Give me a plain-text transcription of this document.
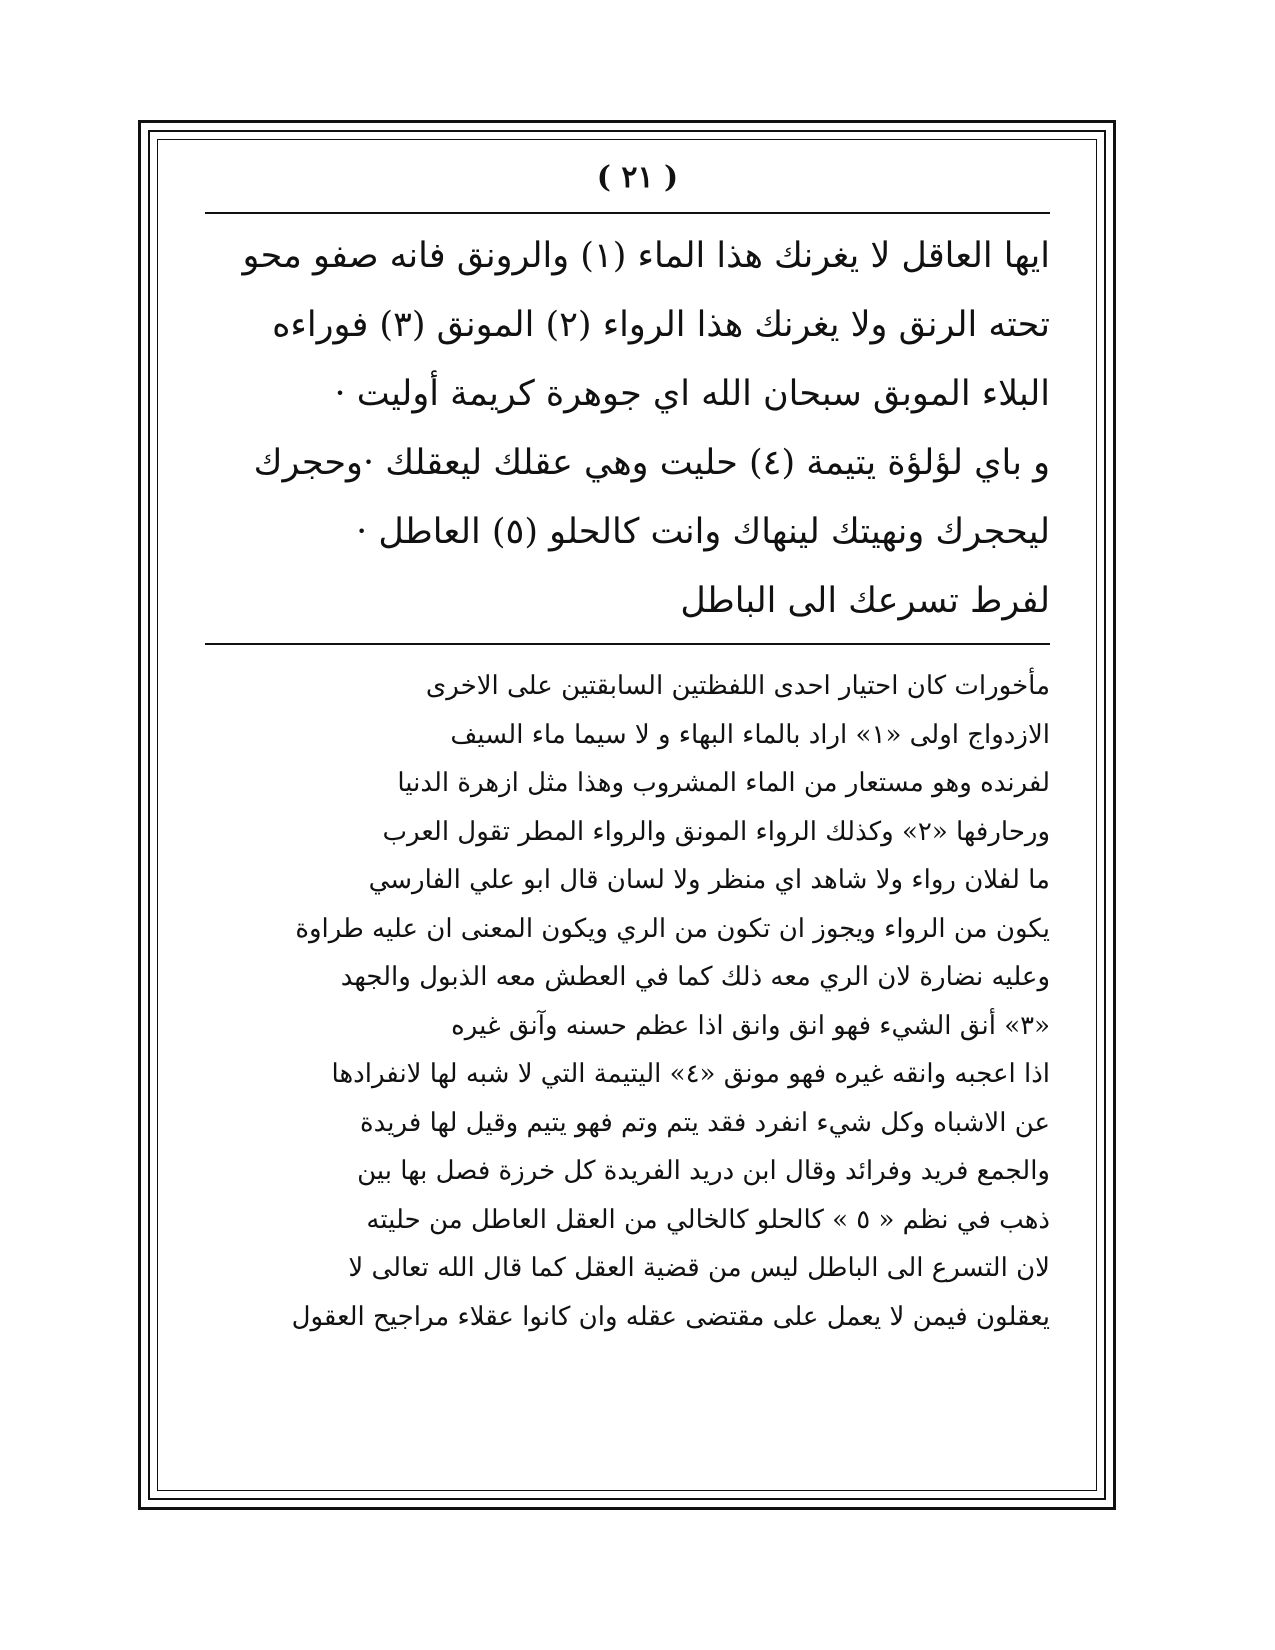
( ٢١ )
ايها العاقل لا يغرنك هذا الماء (١) والرونق فانه صفو محو
تحته الرنق ولا يغرنك هذا الرواء (٢) المونق (٣) فوراءه
البلاء الموبق سبحان الله اي جوهرة كريمة أوليت ·
و باي لؤلؤة يتيمة (٤) حليت وهي عقلك ليعقلك ·وحجرك
ليحجرك ونهيتك لينهاك وانت كالحلو (٥) العاطل ·
لفرط تسرعك الى الباطل
مأخورات كان احتيار احدى اللفظتين السابقتين على الاخرى
الازدواج اولى «١» اراد بالماء البهاء و لا سيما ماء السيف
لفرنده وهو مستعار من الماء المشروب وهذا مثل ازهرة الدنيا
ورحارفها «٢» وكذلك الرواء المونق والرواء المطر تقول العرب
ما لفلان رواء ولا شاهد اي منظر ولا لسان قال ابو علي الفارسي
يكون من الرواء ويجوز ان تكون من الري ويكون المعنى ان عليه طراوة
وعليه نضارة لان الري معه ذلك كما في العطش معه الذبول والجهد
«٣» أنق الشيء فهو انق وانق اذا عظم حسنه وآنق غيره
اذا اعجبه وانقه غيره فهو مونق «٤» اليتيمة التي لا شبه لها لانفرادها
عن الاشباه وكل شيء انفرد فقد يتم وتم فهو يتيم وقيل لها فريدة
والجمع فريد وفرائد وقال ابن دريد الفريدة كل خرزة فصل بها بين
ذهب في نظم « ٥ » كالحلو كالخالي من العقل العاطل من حليته
لان التسرع الى الباطل ليس من قضية العقل كما قال الله تعالى لا
يعقلون فيمن لا يعمل على مقتضى عقله وان كانوا عقلاء مراجيح العقول
